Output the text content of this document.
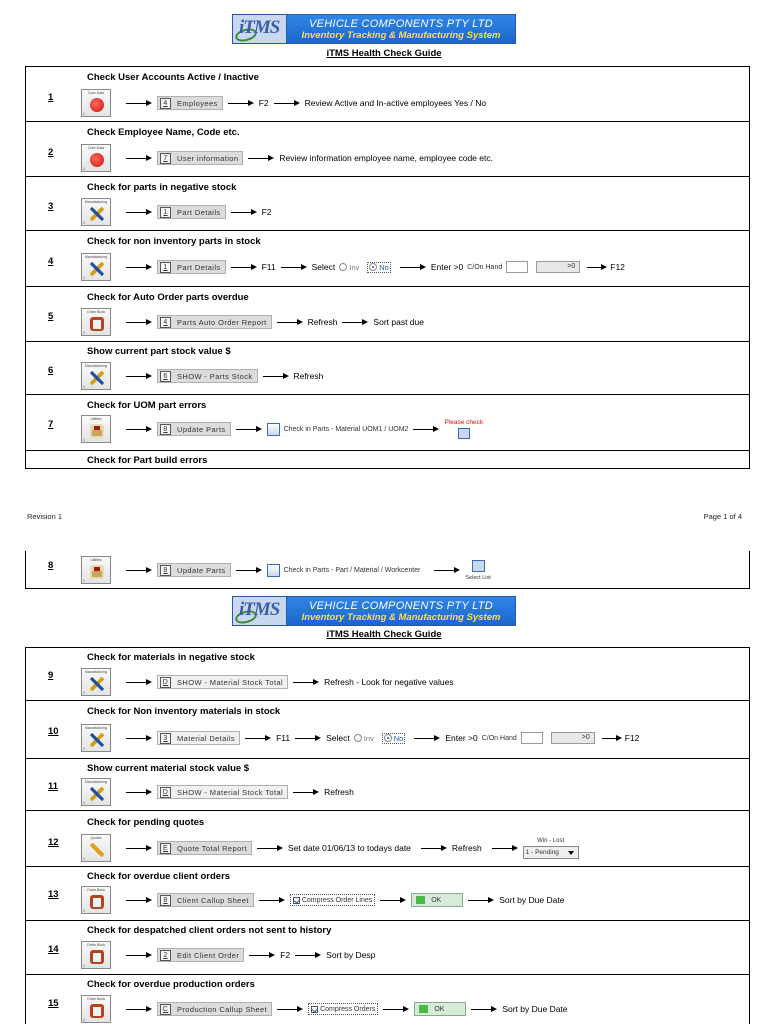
iTMS	VEHICLE COMPONENTS PTY LTD
Inventory Tracking & Manufacturing System
iTMS Health Check Guide
Check User Accounts Active / Inactive
1	Core Data
1
4	Employees	F2	Review Active and In-active employees Yes / No
Check Employee Name, Code etc.
2	Core Data
1
7	User information	Review information employee name, employee code etc.
Check for parts in negative stock
3	Manufacturing
1
1	Part Details	F2
Check for non inventory parts in stock
4	Manufacturing
1
1	Part Details	F11	Select Inv	No	Enter >0 C/On Hand	>0	F12
Check for Auto Order parts overdue
5	Order Book
1
4	Parts Auto Order Report	Refresh	Sort past due
Show current part stock value $
6	Manufacturing
1
6	SHOW - Parts Stock	Refresh
Check for UOM part errors
7	Utilities
1
8	Update Parts	Check in Parts - Material UOM1 / UOM2
Please check
Check for Part build errors
Revision 1	Page 1 of 4
8	Utilities
1
8	Update Parts	Check in Parts - Part / Material / Workcenter
Select List
iTMS	VEHICLE COMPONENTS PTY LTD
Inventory Tracking & Manufacturing System
iTMS Health Check Guide
Check for materials in negative stock
9	Manufacturing
1
D	SHOW - Material Stock Total	Refresh - Look for negative values
Check for Non inventory materials in stock
10	Manufacturing
1
3	Material Details	F11	Select Inv	No	Enter >0 C/On Hand	>0	F12
Show current material stock value $
11	Manufacturing
1
D	SHOW - Material Stock Total	Refresh
Check for pending quotes
12	Quotes
1
E	Quote Total Report	Set date 01/06/13 to todays date	Refresh
Win - Lost
1 - Pending
Check for overdue client orders
13	Order Book
1
8	Client Callup Sheet	Compress Order Lines	OK	Sort by Due Date
Check for despatched client orders not sent to history
14	Order Book
1
2	Edit Client Order	F2	Sort by Desp
Check for overdue production orders
15	Order Book
1
C	Production Callup Sheet	Compress Orders	OK	Sort by Due Date
